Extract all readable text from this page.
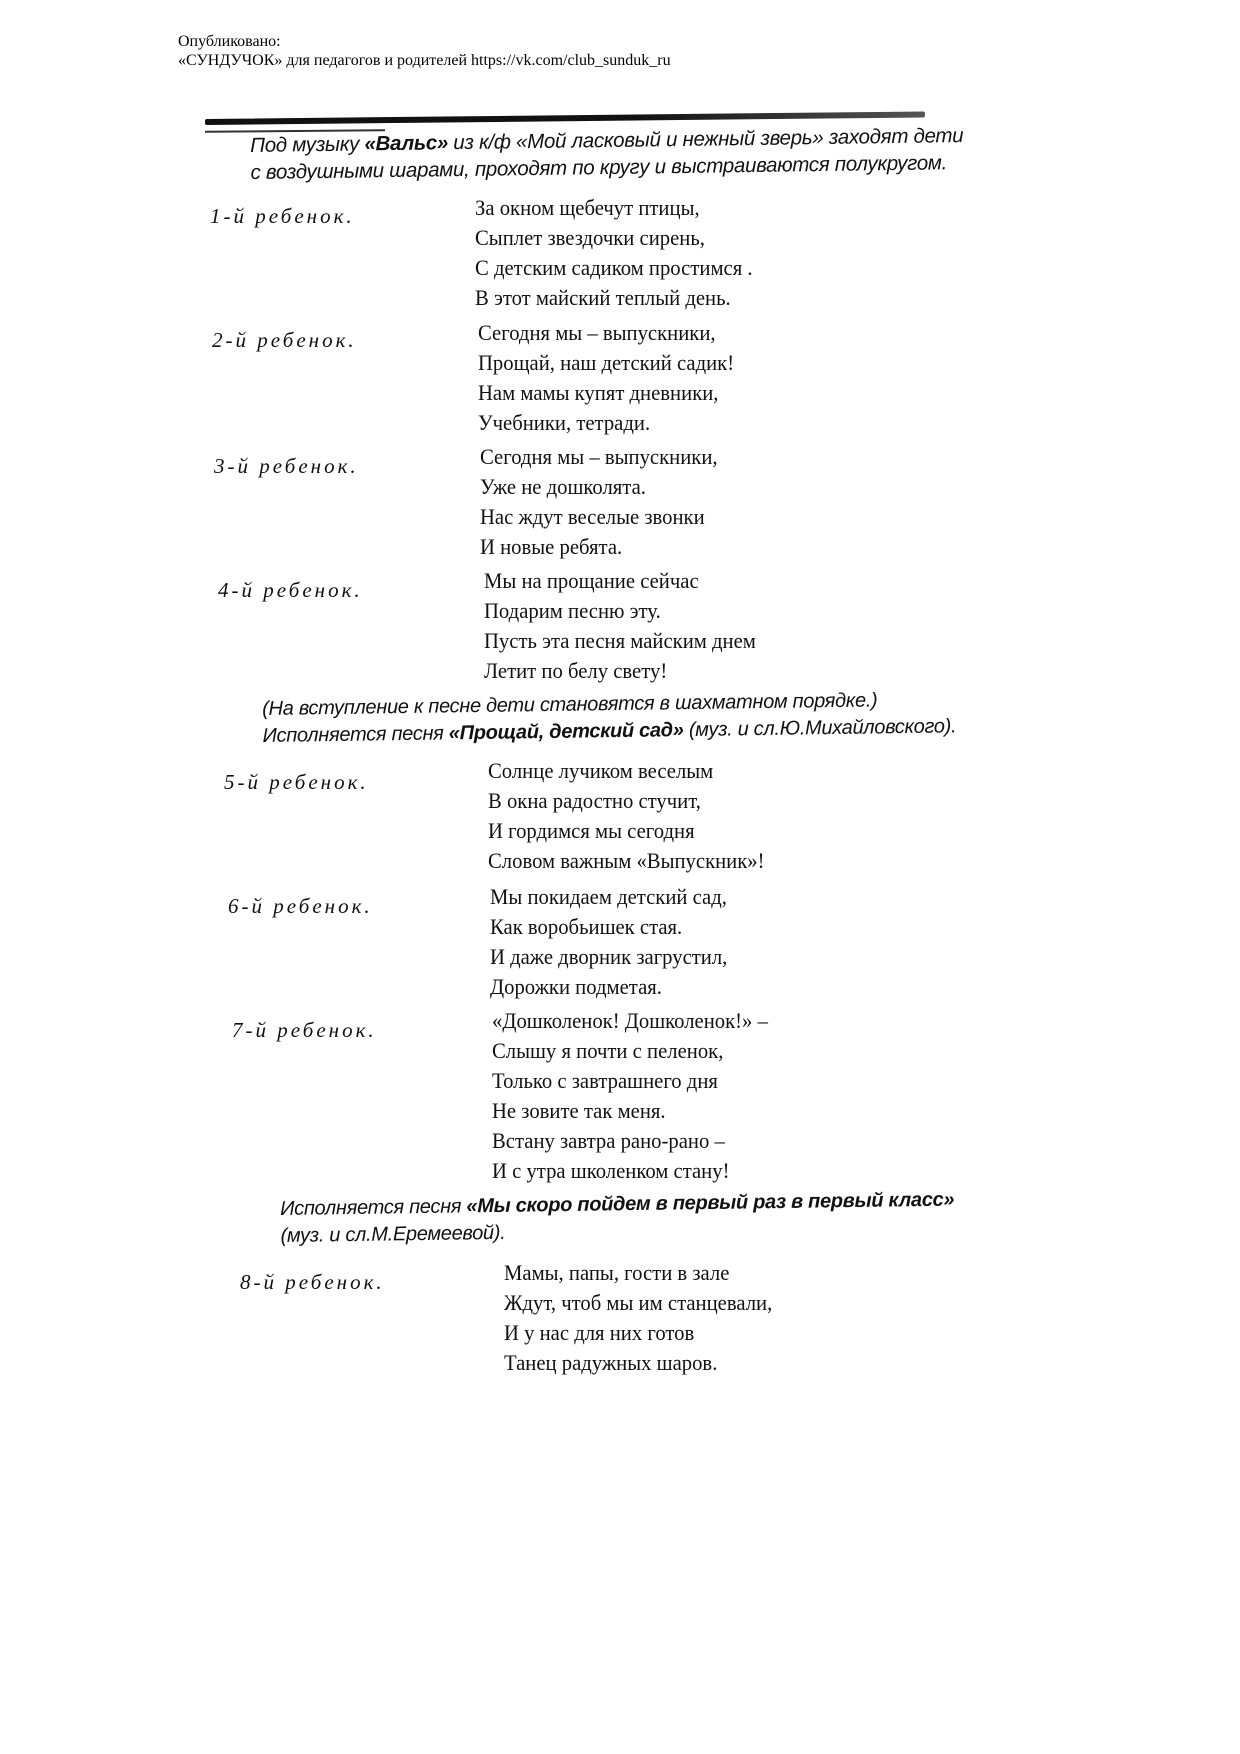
Опубликовано:
«СУНДУЧОК» для педагогов и родителей https://vk.com/club_sunduk_ru
Под музыку «Вальс» из к/ф «Мой ласковый и нежный зверь» заходят дети
с воздушными шарами, проходят по кругу и выстраиваются полукругом.
1-й ребенок.	За окном щебечут птицы,
Сыплет звездочки сирень,
С детским садиком простимся .
В этот майский теплый день.
2-й ребенок.	Сегодня мы – выпускники,
Прощай, наш детский садик!
Нам мамы купят дневники,
Учебники, тетради.
3-й ребенок.	Сегодня мы – выпускники,
Уже не дошколята.
Нас ждут веселые звонки
И новые ребята.
4-й ребенок.	Мы на прощание сейчас
Подарим песню эту.
Пусть эта песня майским днем
Летит по белу свету!
(На вступление к песне дети становятся в шахматном порядке.)
Исполняется песня «Прощай, детский сад» (муз. и сл.Ю.Михайловского).
5-й ребенок.	Солнце лучиком веселым
В окна радостно стучит,
И гордимся мы сегодня
Словом важным «Выпускник»!
6-й ребенок.	Мы покидаем детский сад,
Как воробьишек стая.
И даже дворник загрустил,
Дорожки подметая.
7-й ребенок.	«Дошколенок! Дошколенок!» –
Слышу я почти с пеленок,
Только с завтрашнего дня
Не зовите так меня.
Встану завтра рано-рано –
И с утра школенком стану!
Исполняется песня «Мы скоро пойдем в первый раз в первый класс»
(муз. и сл.М.Еремеевой).
8-й ребенок.	Мамы, папы, гости в зале
Ждут, чтоб мы им станцевали,
И у нас для них готов
Танец радужных шаров.
